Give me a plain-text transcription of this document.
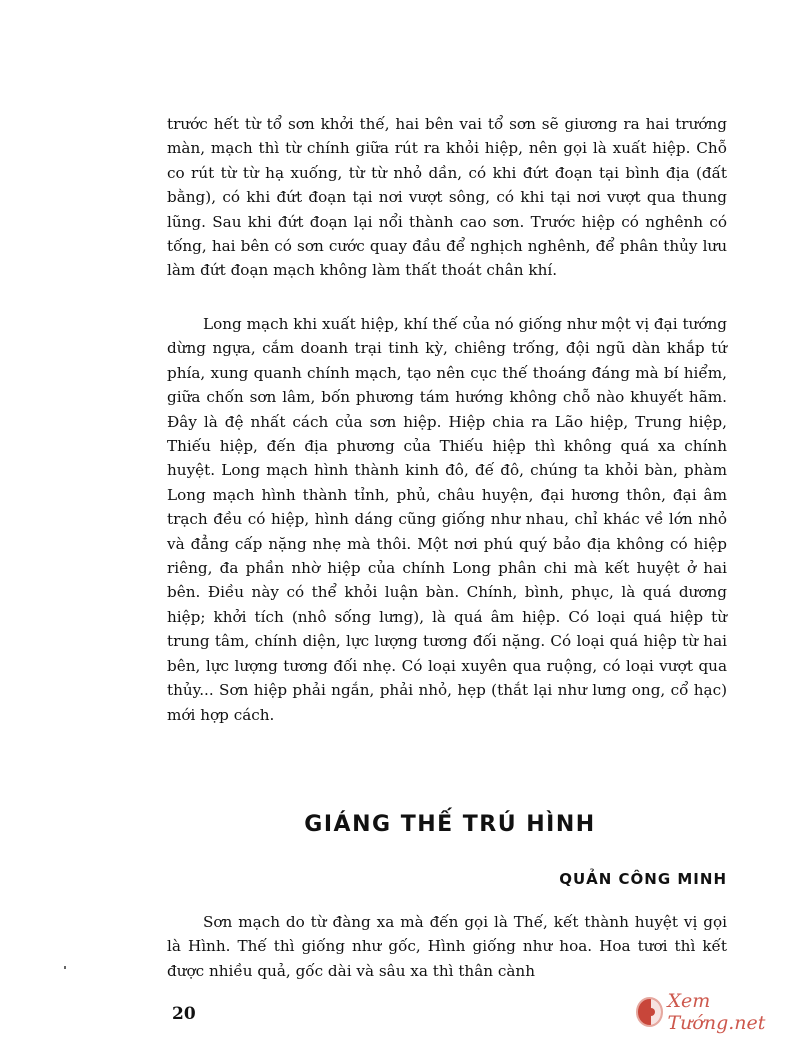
trước hết từ tổ sơn khởi thế, hai bên vai tổ sơn sẽ giương ra hai trướng màn, mạch thì từ chính giữa rút ra khỏi hiệp, nên gọi là xuất hiệp. Chỗ co rút từ từ hạ xuống, từ từ nhỏ dần, có khi đứt đoạn tại bình địa (đất bằng), có khi đứt đoạn tại nơi vượt sông, có khi tại nơi vượt qua thung lũng. Sau khi đứt đoạn lại nổi thành cao sơn. Trước hiệp có nghênh có tống, hai bên có sơn cước quay đầu để nghịch nghênh, để phân thủy lưu làm đứt đoạn mạch không làm thất thoát chân khí.

Long mạch khi xuất hiệp, khí thế của nó giống như một vị đại tướng dừng ngựa, cắm doanh trại tinh kỳ, chiêng trống, đội ngũ dàn khắp tứ phía, xung quanh chính mạch, tạo nên cục thế thoáng đáng mà bí hiểm, giữa chốn sơn lâm, bốn phương tám hướng không chỗ nào khuyết hãm. Đây là đệ nhất cách của sơn hiệp. Hiệp chia ra Lão hiệp, Trung hiệp, Thiếu hiệp, đến địa phương của Thiếu hiệp thì không quá xa chính huyệt. Long mạch hình thành kinh đô, đế đô, chúng ta khỏi bàn, phàm Long mạch hình thành tỉnh, phủ, châu huyện, đại hương thôn, đại âm trạch đều có hiệp, hình dáng cũng giống như nhau, chỉ khác về lớn nhỏ và đẳng cấp nặng nhẹ mà thôi. Một nơi phú quý bảo địa không có hiệp riêng, đa phần nhờ hiệp của chính Long phân chi mà kết huyệt ở hai bên. Điều này có thể khỏi luận bàn. Chính, bình, phục, là quá dương hiệp; khởi tích (nhô sống lưng), là quá âm hiệp. Có loại quá hiệp từ trung tâm, chính diện, lực lượng tương đối nặng. Có loại quá hiệp từ hai bên, lực lượng tương đối nhẹ. Có loại xuyên qua ruộng, có loại vượt qua thủy... Sơn hiệp phải ngắn, phải nhỏ, hẹp (thắt lại như lưng ong, cổ hạc) mới hợp cách.

GIÁNG THẾ TRÚ HÌNH

QUẢN CÔNG MINH

Sơn mạch do từ đàng xa mà đến gọi là Thế, kết thành huyệt vị gọi là Hình. Thế thì giống như gốc, Hình giống như hoa. Hoa tươi thì kết được nhiều quả, gốc dài và sâu xa thì thân cành

20
Xem Tướng.net
